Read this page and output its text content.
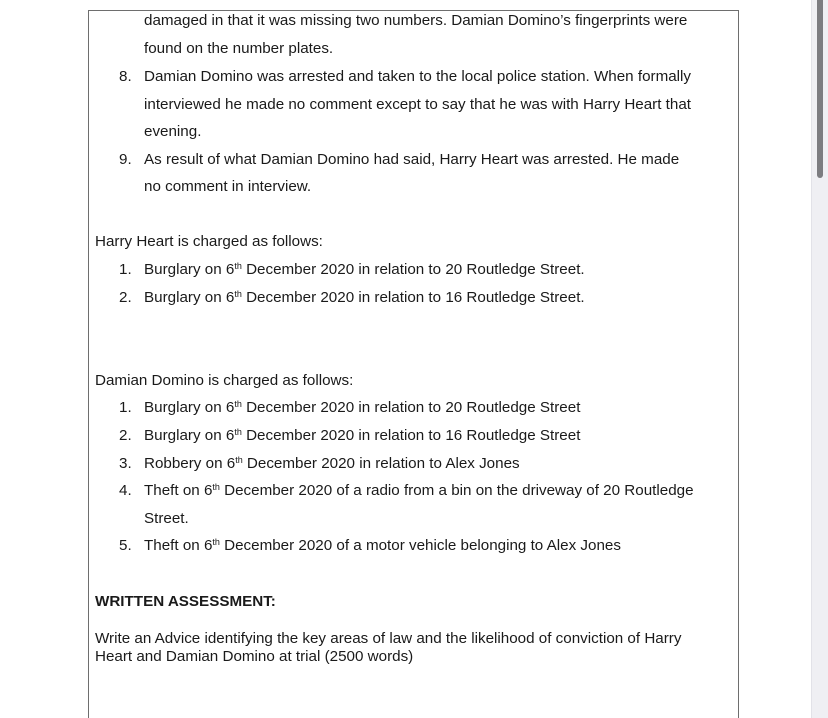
damaged in that it was missing two numbers. Damian Domino’s fingerprints were
found on the number plates.
8. Damian Domino was arrested and taken to the local police station. When formally
interviewed he made no comment except to say that he was with Harry Heart that
evening.
9. As result of what Damian Domino had said, Harry Heart was arrested. He made
no comment in interview.
Harry Heart is charged as follows:
1. Burglary on 6th December 2020 in relation to 20 Routledge Street.
2. Burglary on 6th December 2020 in relation to 16 Routledge Street.
Damian Domino is charged as follows:
1. Burglary on 6th December 2020 in relation to 20 Routledge Street
2. Burglary on 6th December 2020 in relation to 16 Routledge Street
3. Robbery on 6th December 2020 in relation to Alex Jones
4. Theft on 6th December 2020 of a radio from a bin on the driveway of 20 Routledge
Street.
5. Theft on 6th December 2020 of a motor vehicle belonging to Alex Jones
WRITTEN ASSESSMENT:
Write an Advice identifying the key areas of law and the likelihood of conviction of Harry
Heart and Damian Domino at trial (2500 words)
